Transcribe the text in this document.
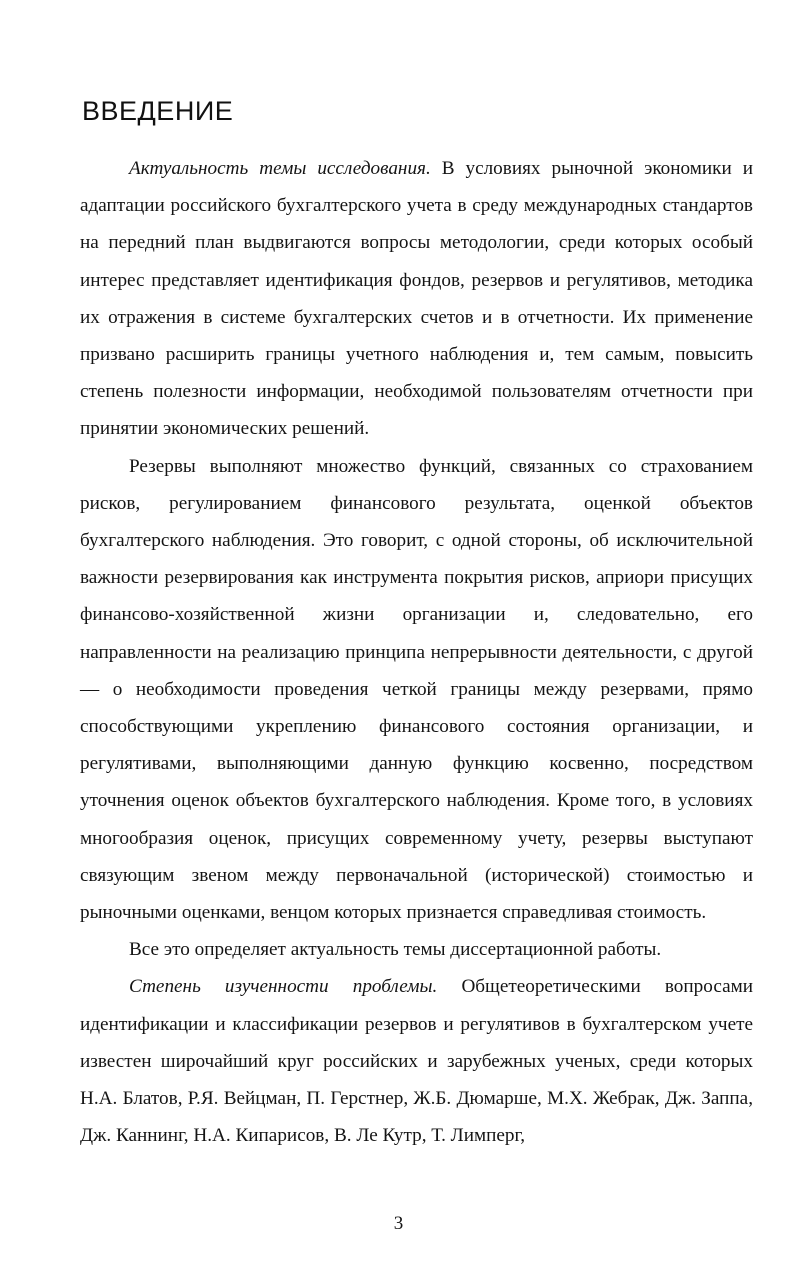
ВВЕДЕНИЕ

Актуальность темы исследования. В условиях рыночной экономики и адаптации российского бухгалтерского учета в среду международных стандартов на передний план выдвигаются вопросы методологии, среди которых особый интерес представляет идентификация фондов, резервов и регулятивов, методика их отражения в системе бухгалтерских счетов и в отчетности. Их применение призвано расширить границы учетного наблюдения и, тем самым, повысить степень полезности информации, необходимой пользователям отчетности при принятии экономических решений.

Резервы выполняют множество функций, связанных со страхованием рисков, регулированием финансового результата, оценкой объектов бухгалтерского наблюдения. Это говорит, с одной стороны, об исключительной важности резервирования как инструмента покрытия рисков, априори присущих финансово-хозяйственной жизни организации и, следовательно, его направленности на реализацию принципа непрерывности деятельности, с другой — о необходимости проведения четкой границы между резервами, прямо способствующими укреплению финансового состояния организации, и регулятивами, выполняющими данную функцию косвенно, посредством уточнения оценок объектов бухгалтерского наблюдения. Кроме того, в условиях многообразия оценок, присущих современному учету, резервы выступают связующим звеном между первоначальной (исторической) стоимостью и рыночными оценками, венцом которых признается справедливая стоимость.

Все это определяет актуальность темы диссертационной работы.

Степень изученности проблемы. Общетеоретическими вопросами идентификации и классификации резервов и регулятивов в бухгалтерском учете известен широчайший круг российских и зарубежных ученых, среди которых Н.А. Блатов, Р.Я. Вейцман, П. Герстнер, Ж.Б. Дюмарше, М.Х. Жебрак, Дж. Заппа, Дж. Каннинг, Н.А. Кипарисов, В. Ле Кутр, Т. Лимперг,

3
